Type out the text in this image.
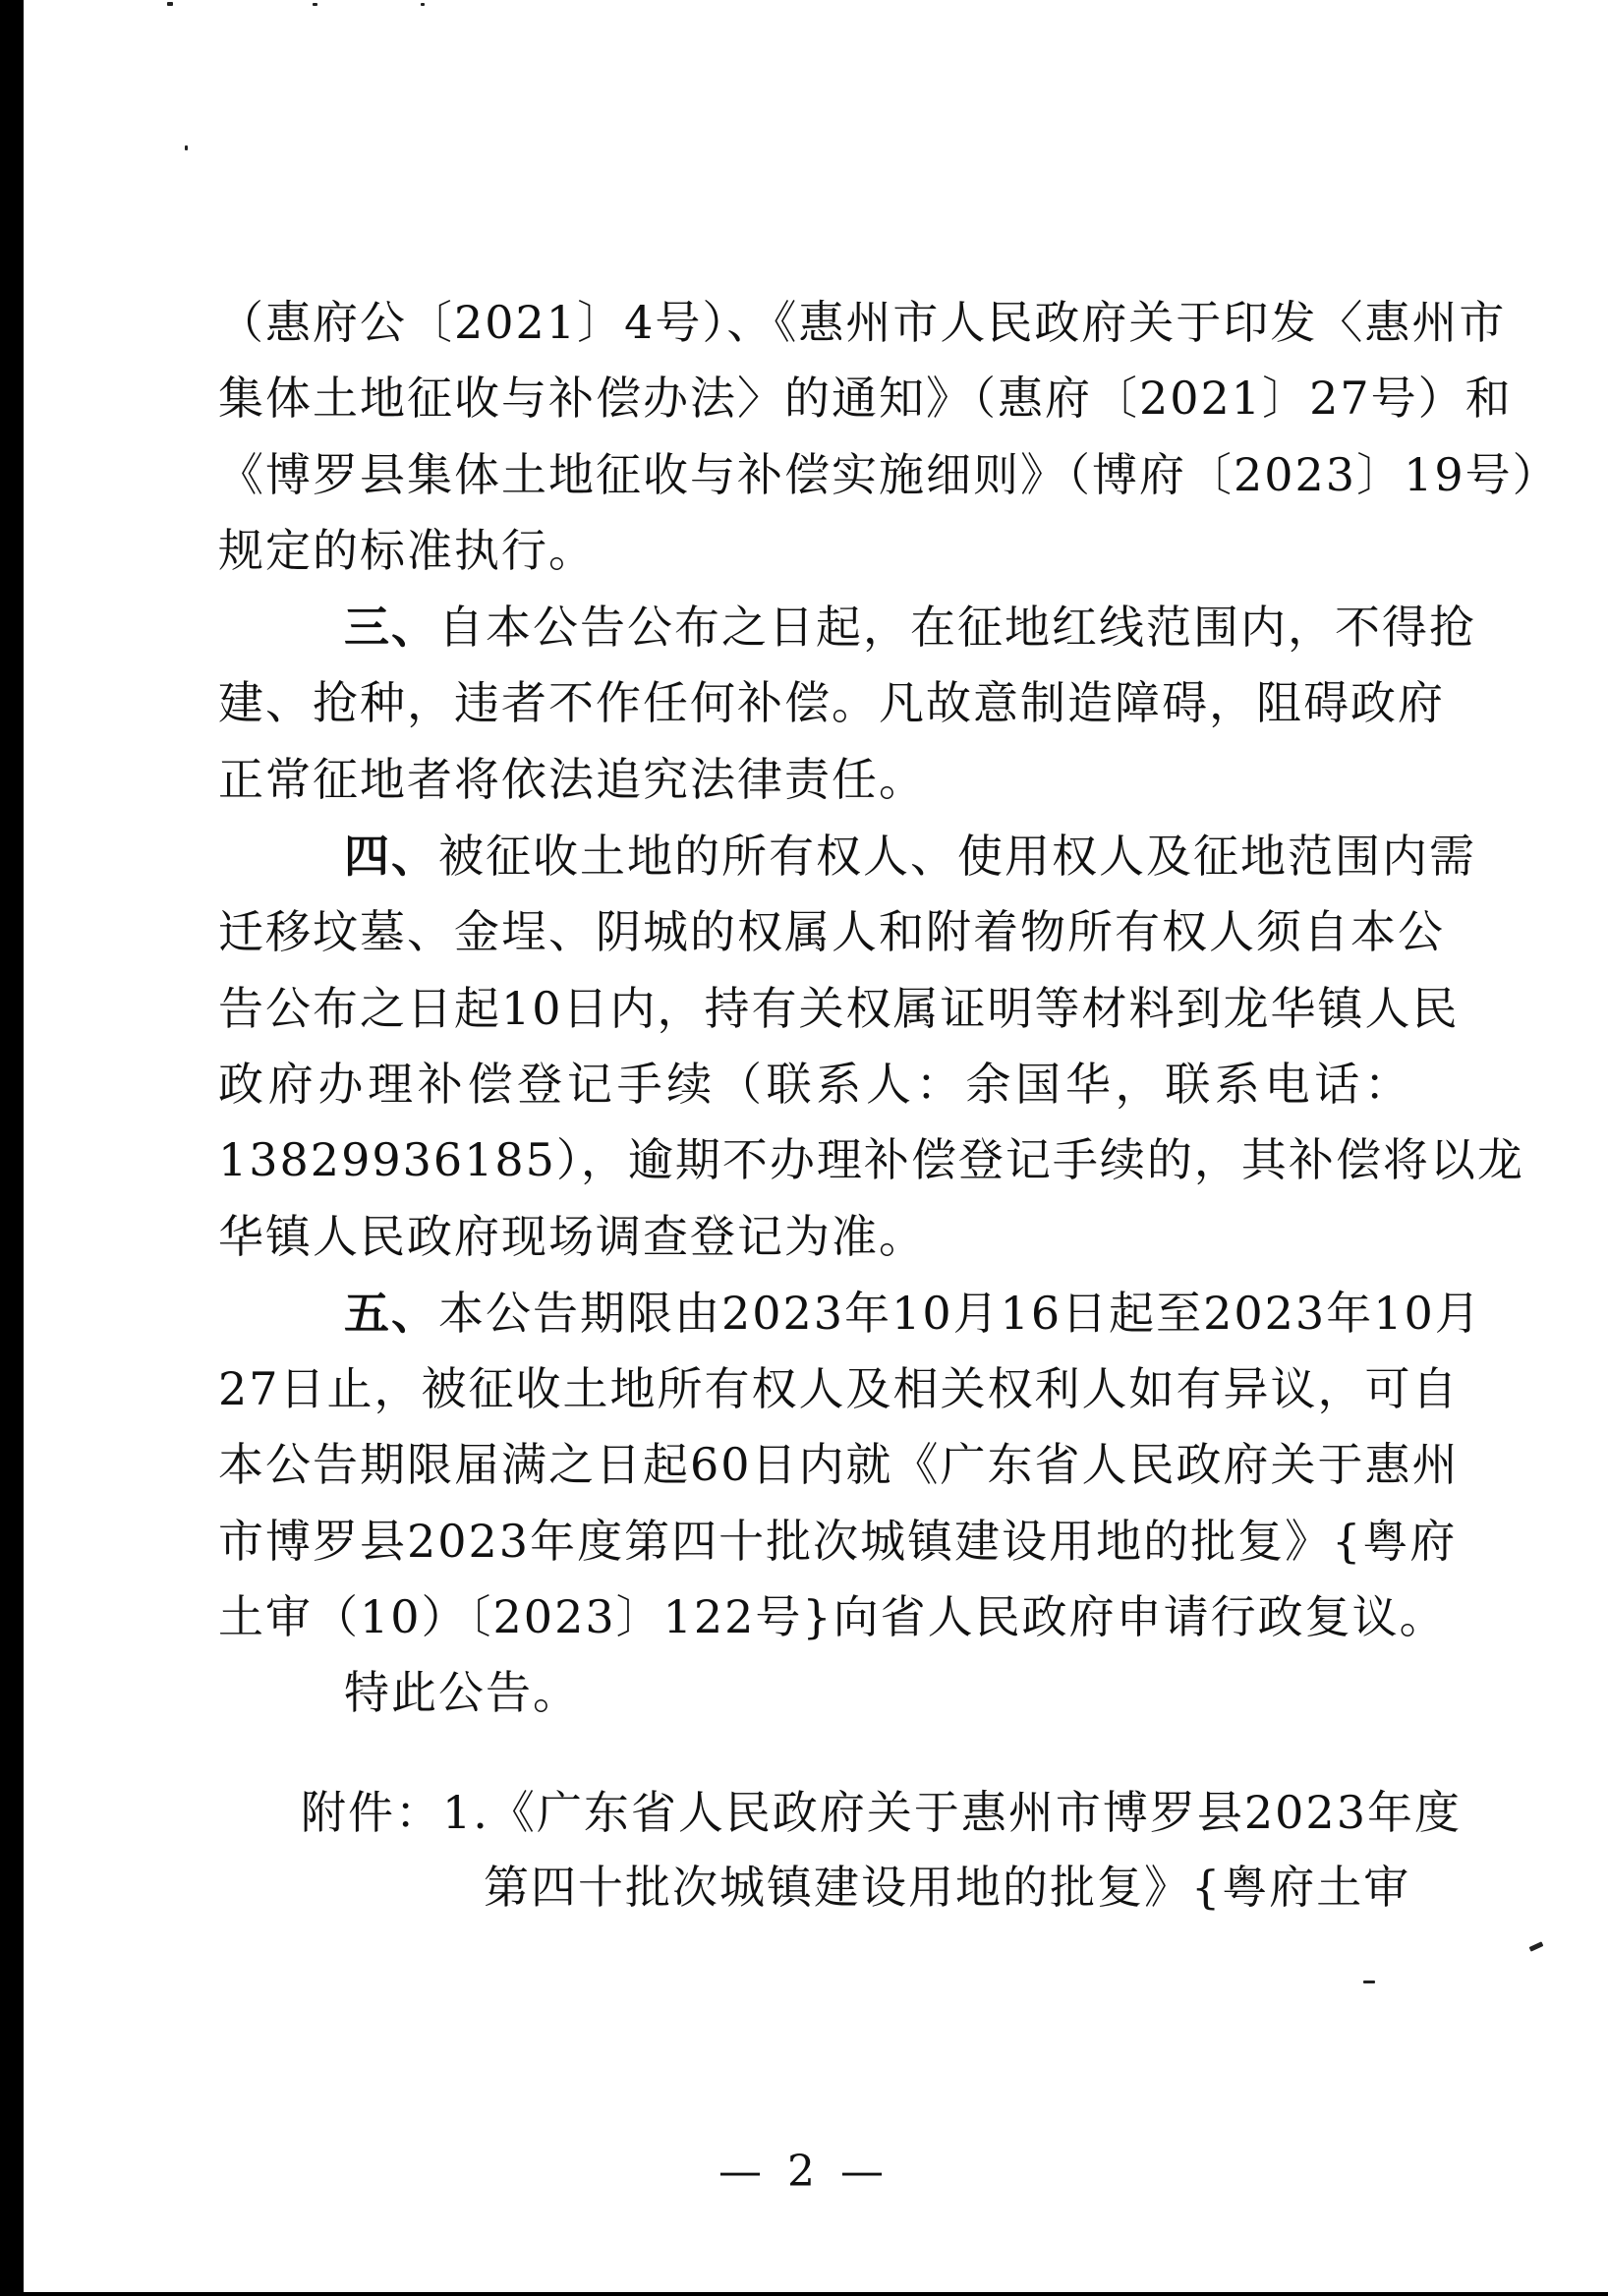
（惠府公〔2021〕4号）、《惠州市人民政府关于印发〈惠州市
集体土地征收与补偿办法〉的通知》（惠府〔2021〕27号）和
《博罗县集体土地征收与补偿实施细则》（博府〔2023〕19号）
规定的标准执行。
三、自本公告公布之日起，在征地红线范围内，不得抢
建、抢种，违者不作任何补偿。凡故意制造障碍，阻碍政府
正常征地者将依法追究法律责任。
四、被征收土地的所有权人、使用权人及征地范围内需
迁移坟墓、金埕、阴城的权属人和附着物所有权人须自本公
告公布之日起10日内，持有关权属证明等材料到龙华镇人民
政府办理补偿登记手续（联系人：余国华，联系电话：
13829936185），逾期不办理补偿登记手续的，其补偿将以龙
华镇人民政府现场调查登记为准。
五、本公告期限由2023年10月16日起至2023年10月
27日止，被征收土地所有权人及相关权利人如有异议，可自
本公告期限届满之日起60日内就《广东省人民政府关于惠州
市博罗县2023年度第四十批次城镇建设用地的批复》{粤府
土审（10）〔2023〕122号}向省人民政府申请行政复议。
特此公告。
附件：1.《广东省人民政府关于惠州市博罗县2023年度
第四十批次城镇建设用地的批复》{粤府土审
— 2 —
